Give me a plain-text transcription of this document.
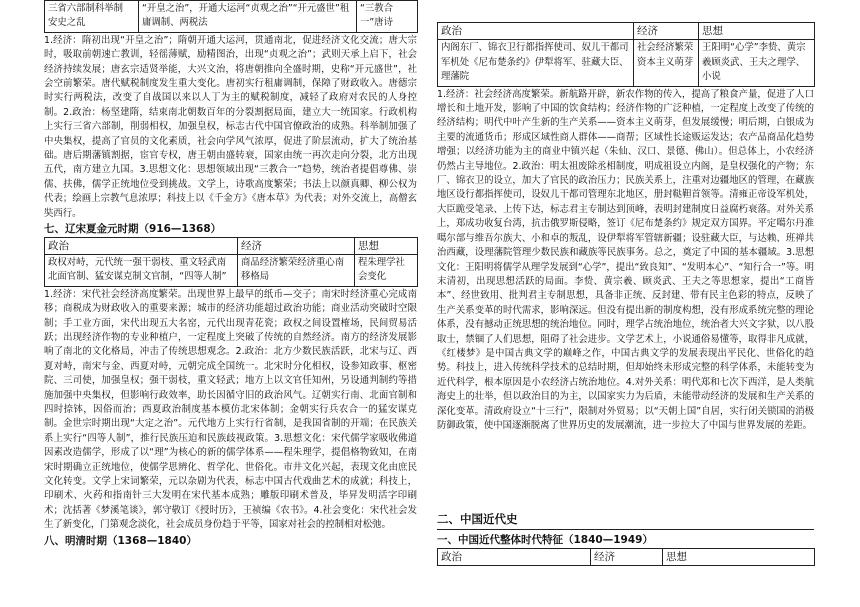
三省六部制科举制 安史之乱	“开皇之治”，开通大运河“贞观之治”“开元盛世”租庸调制、两税法	“三教合一”唐诗

1.经济：隋初出现“开皇之治”；隋朝开通大运河，贯通南北，促进经济文化交流；唐大宗时，吸取前朝速亡教训，轻徭薄赋，励精图治，出现“贞观之治”；武则天承上启下，社会经济持续发展；唐玄宗适贤举能，大兴文治，将唐朝推向全盛时期，史称“开元盛世”，社会空前繁荣。唐代赋税制度发生重大变化。唐初实行租庸调制，保障了财政收入。唐德宗时实行两税法，改变了自战国以来以人丁为主的赋税制度，减轻了政府对农民的人身控制。2.政治：杨坚建隋，结束南北朝数百年的分裂割据局面，建立大一统国家。行政机构上实行三省六部制，削弱相权，加强皇权，标志古代中国官僚政治的成熟。科举制加强了中央集权，提高了官员的文化素质，社会向学风气浓厚，促进了阶层流动，扩大了统治基础。唐后期藩镇割据，宦官专权，唐王朝由盛转衰，国家由统一再次走向分裂，北方出现五代，南方建立九国。3.思想文化：思想领域出现“三教合一”趋势，统治者提倡尊佛、崇儒、扶佛，儒学正统地位受到挑战。文学上，诗歌高度繁荣；书法上以颜真卿、柳公权为代表；绘画上宗教气息浓厚；科技上以《千金方》《唐本草》为代表；对外交流上，高僧玄奘西行。

七、辽宋夏金元时期（916—1368）
政治	经济	思想
政权对峙，元代统一强干弱枝、重文轻武南北面官制、猛安谋克制文官制，“四等人制”	商品经济繁荣经济重心南移格局	程朱理学社会变化

1.经济：宋代社会经济高度繁荣。出现世界上最早的纸币—交子；南宋时经济重心完成南移；商税成为财政收入的重要来源；城市的经济功能超过政治功能；商业活动突破时空限制；手工业方面，宋代出现五大名窑，元代出现青花瓷；政权之间设置榷场，民间贸易活跃；出现经济作物的专业种植户，一定程度上突破了传统的自然经济。南方的经济发展影响了南北的文化格局，冲击了传统思想观念。2.政治：北方少数民族活跃，北宋与辽、西夏对峙，南宋与金、西夏对峙，元朝完成全国统一。北宋时分化相权，设参知政事、枢密院、三司使，加强皇权；强干弱枝，重文轻武；地方上以文官任知州，另设通判制约等措施加强中央集权，但影响行政效率，助长因循守旧的政治风气。辽朝实行南、北面官制和四时捺钵，因俗而治；西夏政治制度基本模仿北宋体制；金朝实行兵农合一的猛安谋克制。金世宗时期出现“大定之治”。元代地方上实行行省制，是我国省制的开端；在民族关系上实行“四等人制”，推行民族压迫和民族歧视政策。3.思想文化：宋代儒学家吸收佛道因素改造儒学，形成了以“理”为核心的新的儒学体系——程朱理学，提倡格物致知，在南宋时期确立正统地位，使儒学思辨化、哲学化、世俗化。市井文化兴起，表现文化由庶民文化转变。文学上宋词繁荣，元以杂剧为代表，标志中国古代戏曲艺术的成就；科技上，印刷术、火药和指南针三大发明在宋代基本成熟；雕版印刷术普及，毕昇发明活字印刷术；沈括著《梦溪笔谈》，郭守敬订《授时历》，王祯编《农书》。4.社会变化：宋代社会发生了新变化，门第观念淡化，社会成员身份趋于平等，国家对社会的控制相对松弛。

八、明清时期（1368—1840）
政治	经济	思想
内阁东厂、锦衣卫行都指挥使司、奴儿干都司军机处《尼布楚条约》伊犁将军、驻藏大臣、理藩院	社会经济繁荣资本主义萌芽	王阳明“心学”李贽、黄宗羲顾炎武、王夫之理学、小说

1.经济：社会经济高度繁荣。新航路开辟，新农作物的传入，提高了粮食产量，促进了人口增长和土地开发，影响了中国的饮食结构；经济作物的广泛种植，一定程度上改变了传统的经济结构；明代中叶产生新的生产关系——资本主义萌芽，但发展缓慢；明后期，白银成为主要的流通货币；形成区域性商人群体——商帮；区域性长途贩运发达；农产品商品化趋势增强；以经济功能为主的商业中镇兴起（朱仙、汉口、景德、佛山）。但总体上，小农经济仍然占主导地位。2.政治：明太祖废除丞相制度，明成祖设立内阁，是皇权强化的产物；东厂、锦衣卫的设立，加大了官民的政治压力；民族关系上，注重对边疆地区的管理，在藏族地区设行都指挥使司，设奴儿干都司管理东北地区，册封鞑靼首领等。清雍正帝设军机处，大臣跪受笔录、上传下达，标志君主专制达到顶峰，表明封建制度日益腐朽衰落。对外关系上，郑成功收复台湾，抗击俄罗斯侵略，签订《尼布楚条约》规定双方国界。平定噶尔丹准噶尔部与维吾尔族大、小和卓的叛乱，设伊犁将军管辖新疆；设驻藏大臣，与达赖、班禅共治西藏，设理藩院管理少数民族和藏族等民族事务。总之，奠定了中国的基本疆域。3.思想文化：王阳明将儒学从理学发展到“心学”，提出“致良知”、“发明本心”、“知行合一”等。明末清初，出现思想活跃的局面。李贽、黄宗羲、顾炎武、王夫之等思想家，提出“工商皆本”、经世致用、批判君主专制思想，具备非正统、反封建、带有民主色彩的特点，反映了生产关系变革的时代需求，影响深远。但没有提出新的制度构想，没有形成系统完整的理论体系，没有撼动正统思想的统治地位。同时，理学占统治地位，统治者大兴文字狱，以八股取士，禁锢了人们思想，阻碍了社会进步。文学艺术上，小说通俗易懂等，取得非凡成就，《红楼梦》是中国古典文学的巅峰之作，中国古典文学的发展表现出平民化、世俗化的趋势。科技上，进入传统科学技术的总结时期，但却始终未形成完整的科学体系，未能转变为近代科学，根本原因是小农经济占统治地位。4.对外关系：明代郑和七次下西洋，是人类航海史上的壮举，但以政治目的为主，以国家实力为后盾，未能带动经济的发展和生产关系的深化变革。清政府设立“十三行”，限制对外贸易；以“天朝上国”自居，实行闭关锁国的消极防御政策，使中国逐渐脱离了世界历史的发展潮流，进一步拉大了中国与世界发展的差距。

二、中国近代史
一、中国近代整体时代特征（1840—1949）
政治	经济	思想
